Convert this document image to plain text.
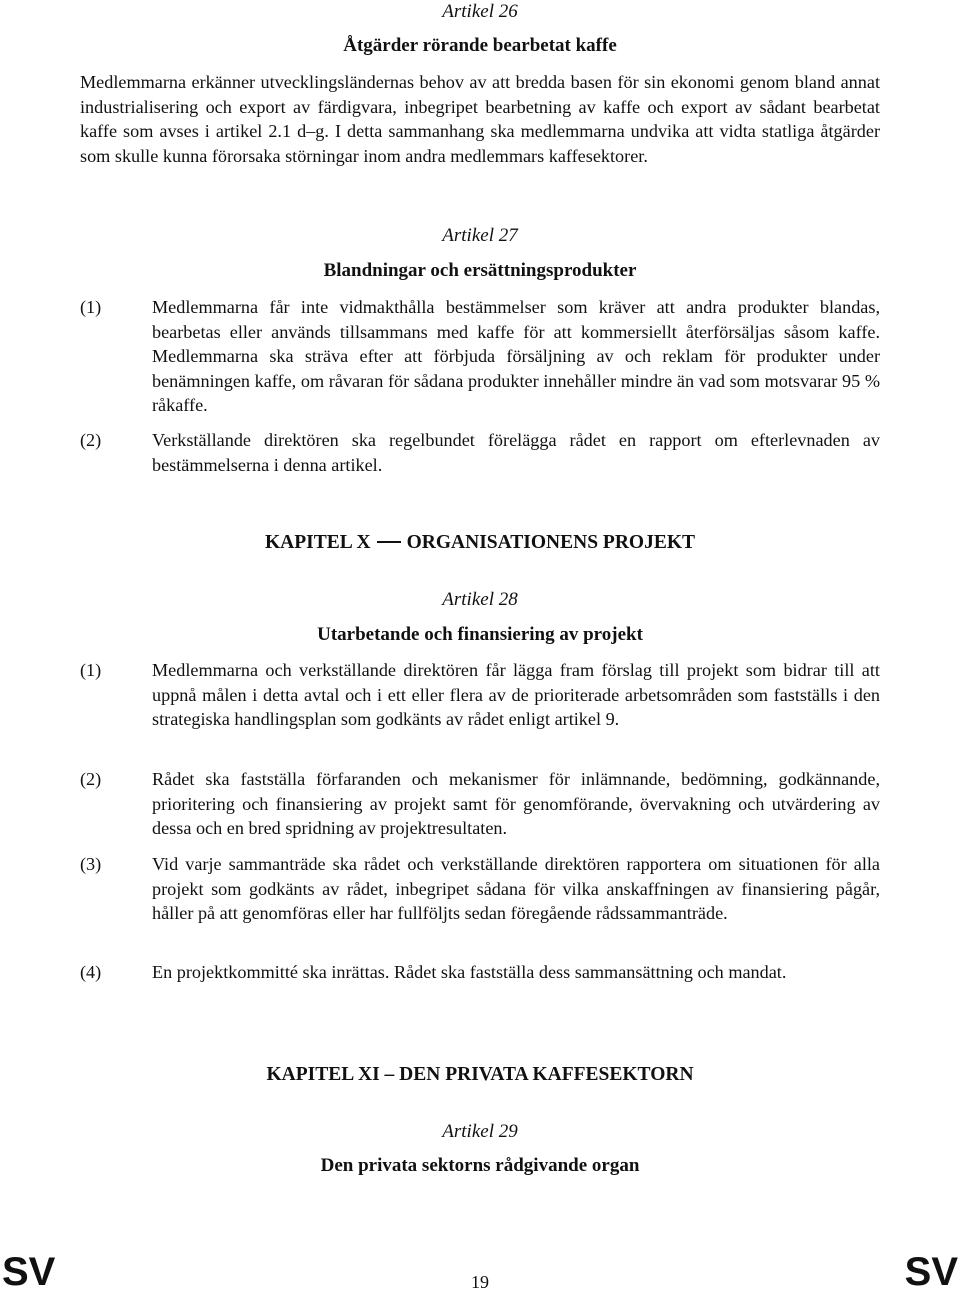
Artikel 26
Åtgärder rörande bearbetat kaffe
Medlemmarna erkänner utvecklingsländernas behov av att bredda basen för sin ekonomi genom bland annat industrialisering och export av färdigvara, inbegripet bearbetning av kaffe och export av sådant bearbetat kaffe som avses i artikel 2.1 d–g. I detta sammanhang ska medlemmarna undvika att vidta statliga åtgärder som skulle kunna förorsaka störningar inom andra medlemmars kaffesektorer.
Artikel 27
Blandningar och ersättningsprodukter
(1)	Medlemmarna får inte vidmakthålla bestämmelser som kräver att andra produkter blandas, bearbetas eller används tillsammans med kaffe för att kommersiellt återförsäljas såsom kaffe. Medlemmarna ska sträva efter att förbjuda försäljning av och reklam för produkter under benämningen kaffe, om råvaran för sådana produkter innehåller mindre än vad som motsvarar 95 % råkaffe.
(2)	Verkställande direktören ska regelbundet förelägga rådet en rapport om efterlevnaden av bestämmelserna i denna artikel.
KAPITEL X ORGANISATIONENS PROJEKT
Artikel 28
Utarbetande och finansiering av projekt
(1)	Medlemmarna och verkställande direktören får lägga fram förslag till projekt som bidrar till att uppnå målen i detta avtal och i ett eller flera av de prioriterade arbetsområden som fastställs i den strategiska handlingsplan som godkänts av rådet enligt artikel 9.
(2)	Rådet ska fastställa förfaranden och mekanismer för inlämnande, bedömning, godkännande, prioritering och finansiering av projekt samt för genomförande, övervakning och utvärdering av dessa och en bred spridning av projektresultaten.
(3)	Vid varje sammanträde ska rådet och verkställande direktören rapportera om situationen för alla projekt som godkänts av rådet, inbegripet sådana för vilka anskaffningen av finansiering pågår, håller på att genomföras eller har fullföljts sedan föregående rådssammanträde.
(4)	En projektkommitté ska inrättas. Rådet ska fastställa dess sammansättning och mandat.
KAPITEL XI – DEN PRIVATA KAFFESEKTORN
Artikel 29
Den privata sektorns rådgivande organ
SV	19	SV
